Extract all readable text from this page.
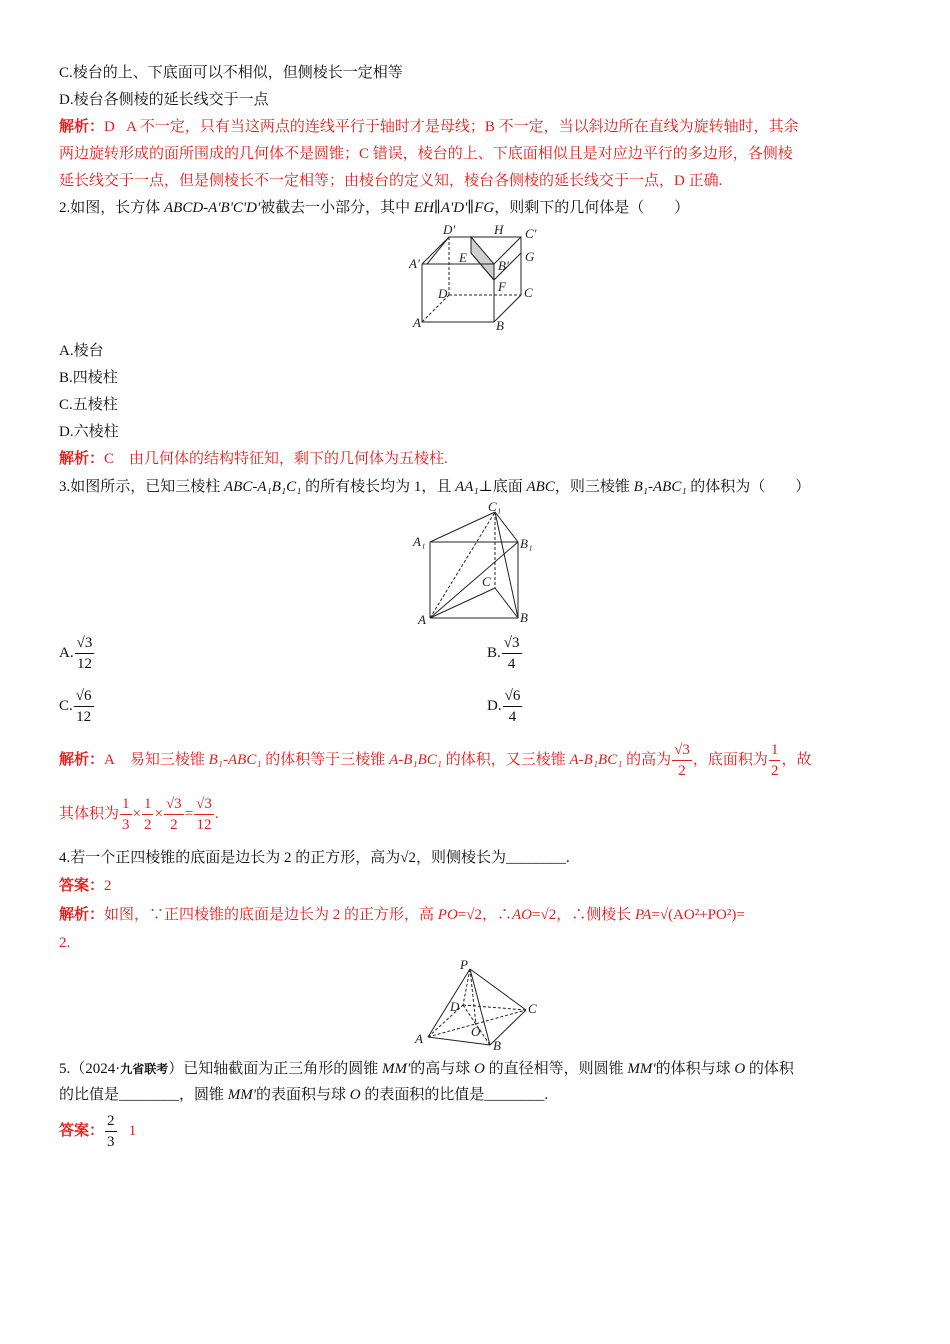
C.棱台的上、下底面可以不相似，但侧棱长一定相等
D.棱台各侧棱的延长线交于一点
解析：D A 不一定，只有当这两点的连线平行于轴时才是母线；B 不一定，当以斜边所在直线为旋转轴时，其余
两边旋转形成的面所围成的几何体不是圆锥；C 错误，棱台的上、下底面相似且是对应边平行的多边形，各侧棱
延长线交于一点，但是侧棱长不一定相等；由棱台的定义知，棱台各侧棱的延长线交于一点，D 正确.
2.如图，长方体 ABCD-A'B'C'D'被截去一小部分，其中 EH∥A'D'∥FG，则剩下的几何体是（　　）
D'	H C'
A'	E
B'
G
D	F C
A	B
A.棱台
B.四棱柱
C.五棱柱
D.六棱柱
解析：C 由几何体的结构特征知，剩下的几何体为五棱柱.
3.如图所示，已知三棱柱 ABC-A₁B₁C₁ 的所有棱长均为 1，且 AA₁⊥底面 ABC，则三棱锥 B₁-ABC₁ 的体积为（　　）
C₁
A₁	B₁
C
A	B
A. $\frac{√3}{12}$	B. $\frac{√3}{4}$
C. $\frac{√6}{12}$	D. $\frac{√6}{4}$
解析：A 易知三棱锥 B₁-ABC₁ 的体积等于三棱锥 A-B₁BC₁ 的体积，又三棱锥 A-B₁BC₁ 的高为 $\frac{√3}{2}$ ，底面积为 $\frac{1}{2}$ ，故
其体积为 $\frac{1}{3} \times \frac{1}{2} \times \frac{√3}{2} = \frac{√3}{12}$ .
4.若一个正四棱锥的底面是边长为 2 的正方形，高为√2，则侧棱长为________.
答案：2
解析：如图，∵正四棱锥的底面是边长为 2 的正方形，高 PO=√2，∴AO=√2，∴侧棱长 PA=√(AO²+PO²)=
2.
P
D	C
O
A	B
5.（2024·九省联考）已知轴截面为正三角形的圆锥 MM'的高与球 O 的直径相等，则圆锥 MM'的体积与球 O 的体积
的比值是________，圆锥 MM'的表面积与球 O 的表面积的比值是________.
答案： $\frac{2}{3} 1$
